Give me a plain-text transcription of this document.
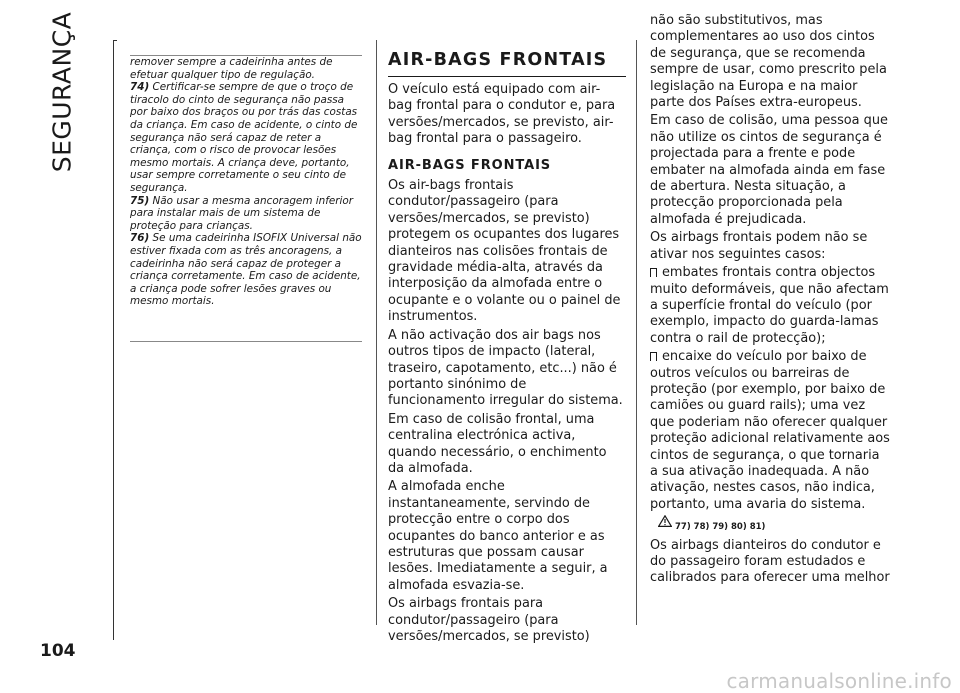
SEGURANÇA	remover sempre a cadeirinha antes de efetuar qualquer tipo de regulação.

74) Certificar-se sempre de que o troço de tiracolo do cinto de segurança não passa por baixo dos braços ou por trás das costas da criança. Em caso de acidente, o cinto de segurança não será capaz de reter a criança, com o risco de provocar lesões mesmo mortais. A criança deve, portanto, usar sempre corretamente o seu cinto de segurança.

75) Não usar a mesma ancoragem inferior para instalar mais de um sistema de proteção para crianças.

76) Se uma cadeirinha ISOFIX Universal não estiver fixada com as três ancoragens, a cadeirinha não será capaz de proteger a criança corretamente. Em caso de acidente, a criança pode sofrer lesões graves ou mesmo mortais.

AIR-BAGS FRONTAIS

O veículo está equipado com air-bag frontal para o condutor e, para versões/mercados, se previsto, air-bag frontal para o passageiro.

AIR-BAGS FRONTAIS

Os air-bags frontais condutor/passageiro (para versões/mercados, se previsto) protegem os ocupantes dos lugares dianteiros nas colisões frontais de gravidade média-alta, através da interposição da almofada entre o ocupante e o volante ou o painel de instrumentos.

A não activação dos air bags nos outros tipos de impacto (lateral, traseiro, capotamento, etc...) não é portanto sinónimo de funcionamento irregular do sistema.

Em caso de colisão frontal, uma centralina electrónica activa, quando necessário, o enchimento da almofada.

A almofada enche instantaneamente, servindo de protecção entre o corpo dos ocupantes do banco anterior e as estruturas que possam causar lesões. Imediatamente a seguir, a almofada esvazia-se.

Os airbags frontais para condutor/passageiro (para versões/mercados, se previsto)

não são substitutivos, mas complementares ao uso dos cintos de segurança, que se recomenda sempre de usar, como prescrito pela legislação na Europa e na maior parte dos Países extra-europeus.

Em caso de colisão, uma pessoa que não utilize os cintos de segurança é projectada para a frente e pode embater na almofada ainda em fase de abertura. Nesta situação, a protecção proporcionada pela almofada é prejudicada.

Os airbags frontais podem não se ativar nos seguintes casos:

embates frontais contra objectos muito deformáveis, que não afectam a superfície frontal do veículo (por exemplo, impacto do guarda-lamas contra o rail de protecção);

encaixe do veículo por baixo de outros veículos ou barreiras de proteção (por exemplo, por baixo de camiões ou guard rails); uma vez que poderiam não oferecer qualquer proteção adicional relativamente aos cintos de segurança, o que tornaria a sua ativação inadequada. A não ativação, nestes casos, não indica, portanto, uma avaria do sistema.

77) 78) 79) 80) 81)

Os airbags dianteiros do condutor e do passageiro foram estudados e calibrados para oferecer uma melhor

104
carmanualsonline.info
